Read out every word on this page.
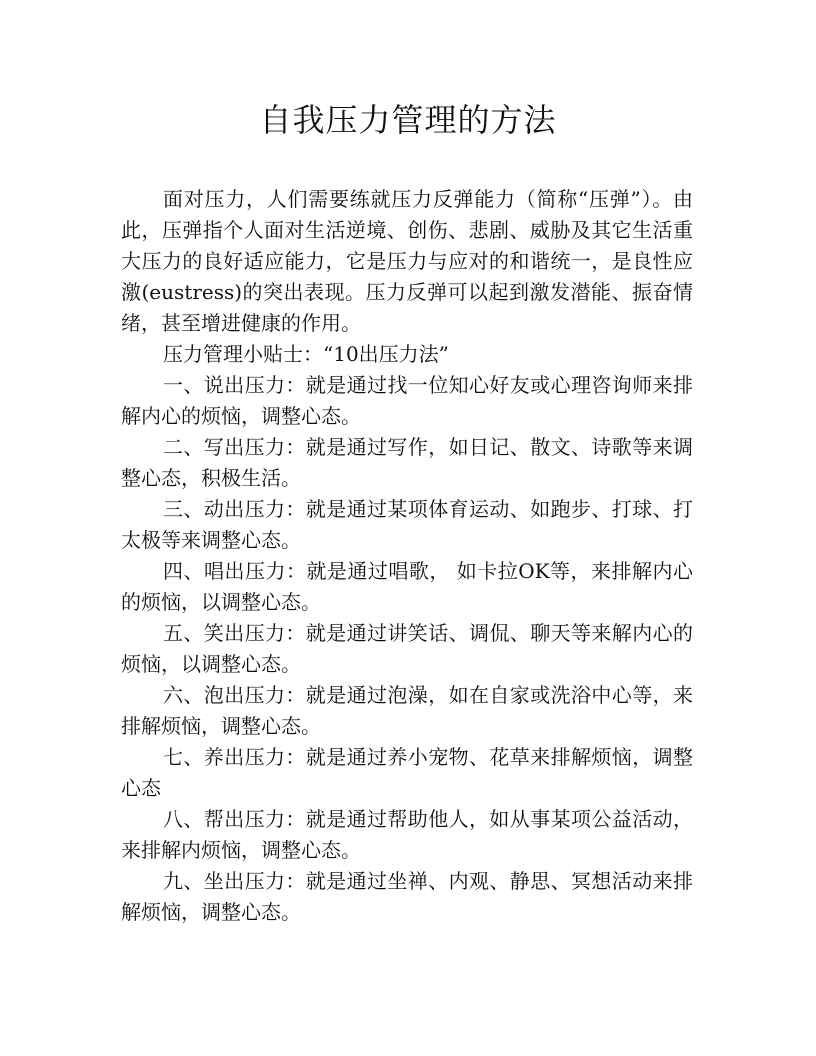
自我压力管理的方法

面对压力，人们需要练就压力反弹能力（简称“压弹”）。由此，压弹指个人面对生活逆境、创伤、悲剧、威胁及其它生活重大压力的良好适应能力，它是压力与应对的和谐统一，是良性应激(eustress)的突出表现。压力反弹可以起到激发潜能、振奋情绪，甚至增进健康的作用。

压力管理小贴士：“10出压力法”

一、说出压力：就是通过找一位知心好友或心理咨询师来排解内心的烦恼，调整心态。

二、写出压力：就是通过写作，如日记、散文、诗歌等来调整心态，积极生活。

三、动出压力：就是通过某项体育运动、如跑步、打球、打太极等来调整心态。

四、唱出压力：就是通过唱歌， 如卡拉OK等，来排解内心的烦恼，以调整心态。

五、笑出压力：就是通过讲笑话、调侃、聊天等来解内心的烦恼，以调整心态。

六、泡出压力：就是通过泡澡，如在自家或洗浴中心等，来排解烦恼，调整心态。

七、养出压力：就是通过养小宠物、花草来排解烦恼，调整心态

八、帮出压力：就是通过帮助他人，如从事某项公益活动，来排解内烦恼，调整心态。

九、坐出压力：就是通过坐禅、内观、静思、冥想活动来排解烦恼，调整心态。
